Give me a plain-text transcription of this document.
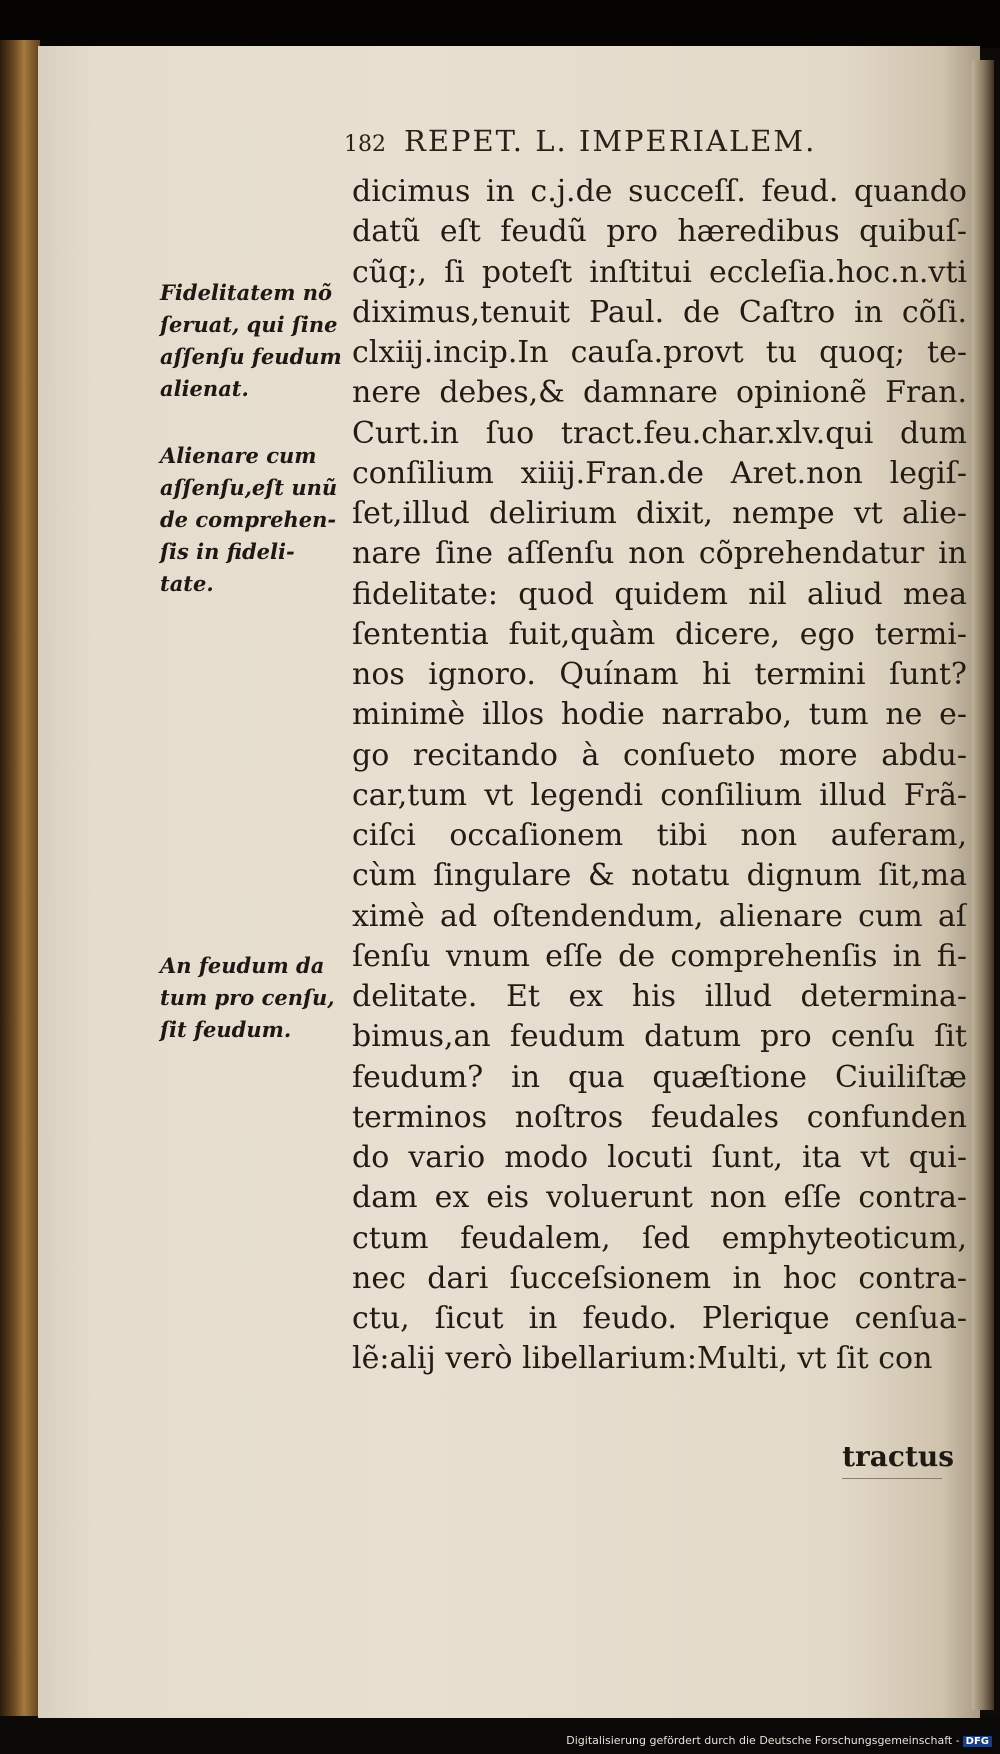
182 REPET. L. IMPERIALEM.
dicimus in c.j.de succeſſ. feud. quando
datũ eſt feudũ pro hæredibus quibuſ-
cũq;, ſi poteſt inſtitui eccleſia.hoc.n.vti
diximus,tenuit Paul. de Caſtro in cõſi.
clxiij.incip.In cauſa.provt tu quoq; te-
nere debes,& damnare opinionẽ Fran.
Curt.in ſuo tract.feu.char.xlv.qui dum
conſilium xiiij.Fran.de Aret.non legiſ-
ſet,illud delirium dixit, nempe vt alie-
nare ſine aſſenſu non cõprehendatur in
fidelitate: quod quidem nil aliud mea
ſententia fuit,quàm dicere, ego termi-
nos ignoro. Quínam hi termini ſunt?
minimè illos hodie narrabo, tum ne e-
go recitando à conſueto more abdu-
car,tum vt legendi conſilium illud Frã-
ciſci occaſionem tibi non auferam,
cùm ſingulare & notatu dignum ſit,ma
ximè ad oſtendendum, alienare cum aſ
ſenſu vnum eſſe de comprehenſis in fi-
delitate. Et ex his illud determina-
bimus,an feudum datum pro cenſu ſit
feudum? in qua quæſtione Ciuiliſtæ
terminos noſtros feudales confunden
do vario modo locuti ſunt, ita vt qui-
dam ex eis voluerunt non eſſe contra-
ctum feudalem, ſed emphyteoticum,
nec dari ſucceſsionem in hoc contra-
ctu, ſicut in feudo. Plerique cenſua-
lẽ:alij verò libellarium:Multi, vt ſit con
Fidelitatem nõ
ſeruat, qui ſine
aſſenſu feudum
alienat.
Alienare cum
aſſenſu,eſt unũ
de comprehen-
ſis in fideli-
tate.
An feudum da
tum pro cenſu,
ſit feudum.
tractus
Digitalisierung gefördert durch die Deutsche Forschungsgemeinschaft - DFG
